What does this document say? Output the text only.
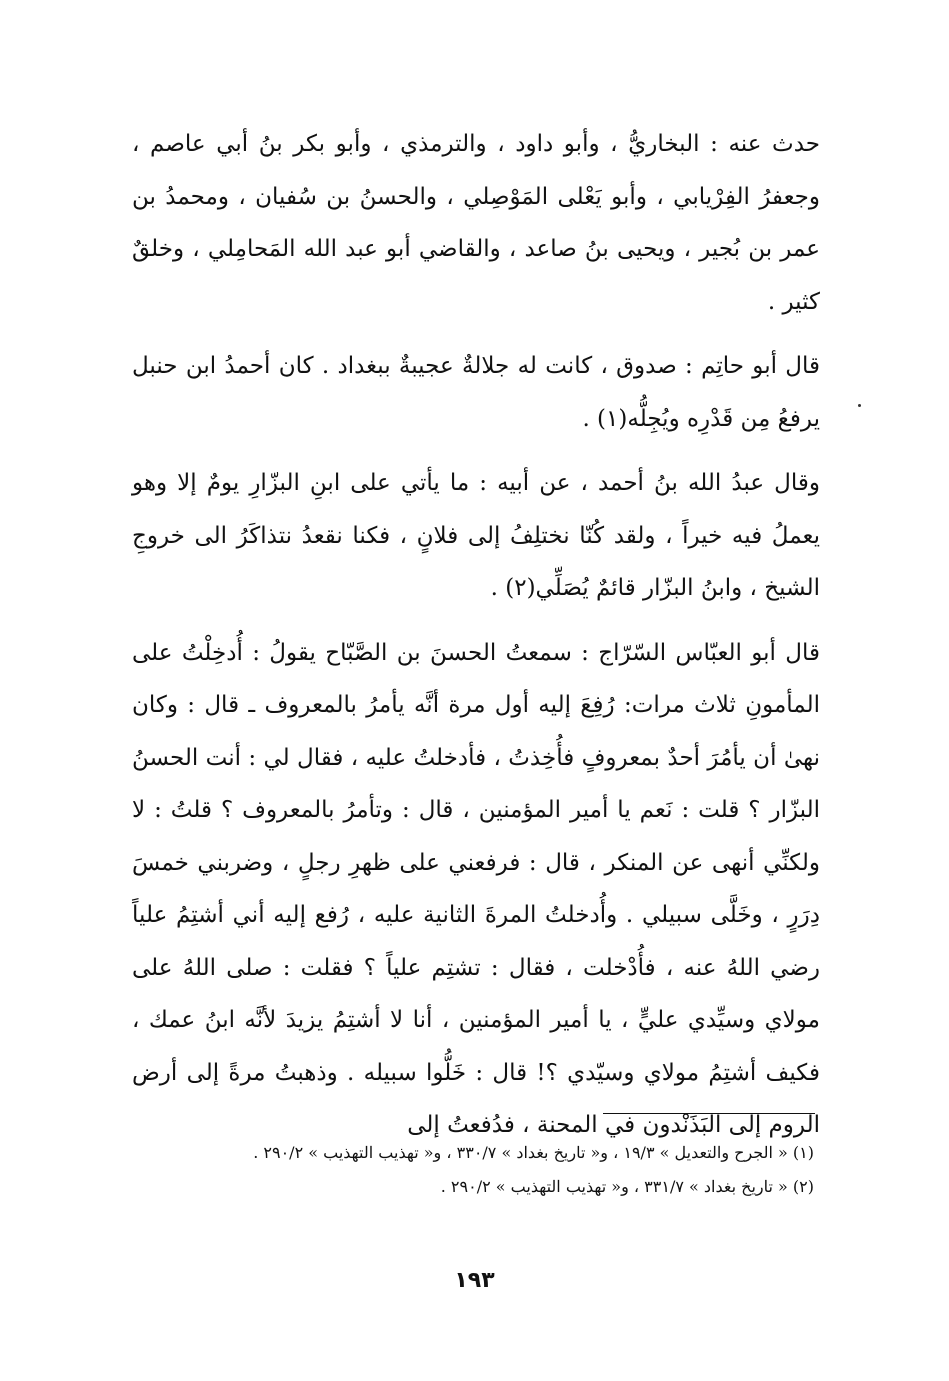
حدث عنه : البخاريُّ ، وأبو داود ، والترمذي ، وأبو بكر بنُ أبي عاصم ، وجعفرُ الفِرْيابي ، وأبو يَعْلى المَوْصِلي ، والحسنُ بن سُفيان ، ومحمدُ بن عمر بن بُجير ، ويحيى بنُ صاعد ، والقاضي أبو عبد الله المَحامِلي ، وخلقٌ كثير .

قال أبو حاتِم : صدوق ، كانت له جلالةٌ عجيبةٌ ببغداد . كان أحمدُ ابن حنبل يرفعُ مِن قَدْرِه ويُجِلُّه(١) .

وقال عبدُ الله بنُ أحمد ، عن أبيه : ما يأتي على ابنِ البزّارِ يومٌ إلا وهو يعملُ فيه خيراً ، ولقد كُنّا نختلِفُ إلى فلانٍ ، فكنا نقعدُ نتذاكَرُ الى خروجِ الشيخ ، وابنُ البزّار قائمٌ يُصَلِّي(٢) .

قال أبو العبّاس السّرّاج : سمعتُ الحسنَ بن الصَّبّاح يقولُ : أُدخِلْتُ على المأمونِ ثلاث مرات: رُفِعَ إليه أول مرة أنَّه يأمرُ بالمعروف ـ قال : وكان نهىٰ أن يأمُرَ أحدٌ بمعروفٍ فأُخِذتُ ، فأدخلتُ عليه ، فقال لي : أنت الحسنُ البزّار ؟ قلت : نَعم يا أمير المؤمنين ، قال : وتأمرُ بالمعروف ؟ قلتُ : لا ولكنِّي أنهى عن المنكر ، قال : فرفعني على ظهرِ رجلٍ ، وضربني خمسَ دِرَرٍ ، وخَلَّى سبيلي . وأُدخلتُ المرةَ الثانية عليه ، رُفع إليه أني أشتِمُ علياً رضي اللهُ عنه ، فأُدْخلت ، فقال : تشتِم علياً ؟ فقلت : صلى اللهُ على مولاي وسيِّدي عليٍّ ، يا أمير المؤمنين ، أنا لا أشتِمُ يزيدَ لأنَّه ابنُ عمك ، فكيف أشتِمُ مولاي وسيّدي ؟! قال : خَلُّوا سبيله . وذهبتُ مرةً إلى أرض الروم إلى البَذَنْدون في المحنة ، فدُفعتُ إلى

(١) « الجرح والتعديل » ١٩/٣ ، و« تاريخ بغداد » ٣٣٠/٧ ، و« تهذيب التهذيب » ٢٩٠/٢ .

(٢) « تاريخ بغداد » ٣٣١/٧ ، و« تهذيب التهذيب » ٢٩٠/٢ .

١٩٣
